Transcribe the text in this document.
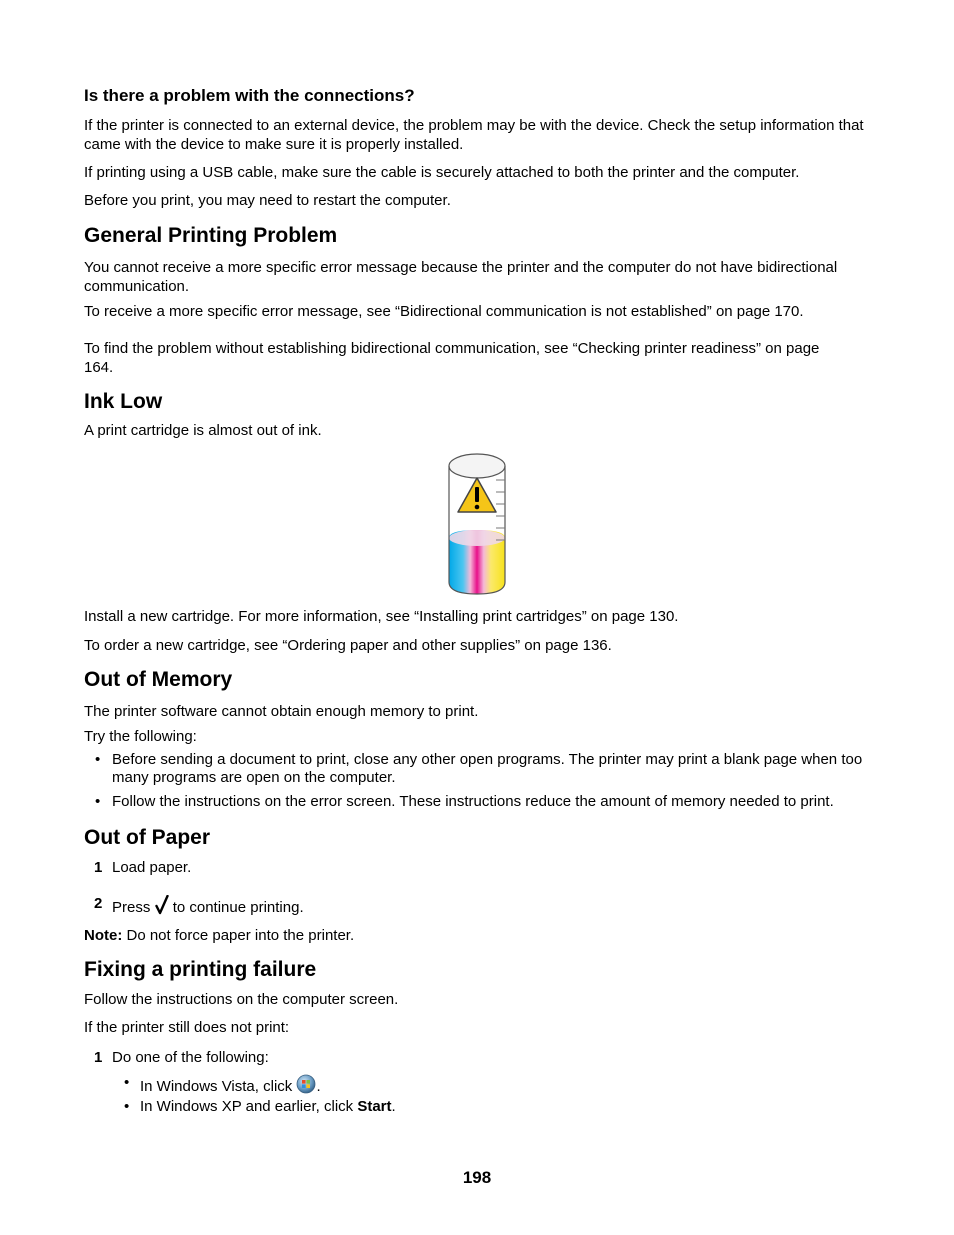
Is there a problem with the connections?

If the printer is connected to an external device, the problem may be with the device. Check the setup information that came with the device to make sure it is properly installed.

If printing using a USB cable, make sure the cable is securely attached to both the printer and the computer.

Before you print, you may need to restart the computer.

General Printing Problem

You cannot receive a more specific error message because the printer and the computer do not have bidirectional communication.

To receive a more specific error message, see “Bidirectional communication is not established” on page 170.

To find the problem without establishing bidirectional communication, see “Checking printer readiness” on page 164.

Ink Low

A print cartridge is almost out of ink.

Install a new cartridge. For more information, see “Installing print cartridges” on page 130.

To order a new cartridge, see “Ordering paper and other supplies” on page 136.

Out of Memory

The printer software cannot obtain enough memory to print.

Try the following:

• Before sending a document to print, close any other open programs. The printer may print a blank page when too many programs are open on the computer.
• Follow the instructions on the error screen. These instructions reduce the amount of memory needed to print.
Out of Paper
1 Load paper.
2 Press to continue printing.

Note: Do not force paper into the printer.

Fixing a printing failure

Follow the instructions on the computer screen.

If the printer still does not print:

1 Do one of the following:
• In Windows Vista, click .
• In Windows XP and earlier, click Start.
198
